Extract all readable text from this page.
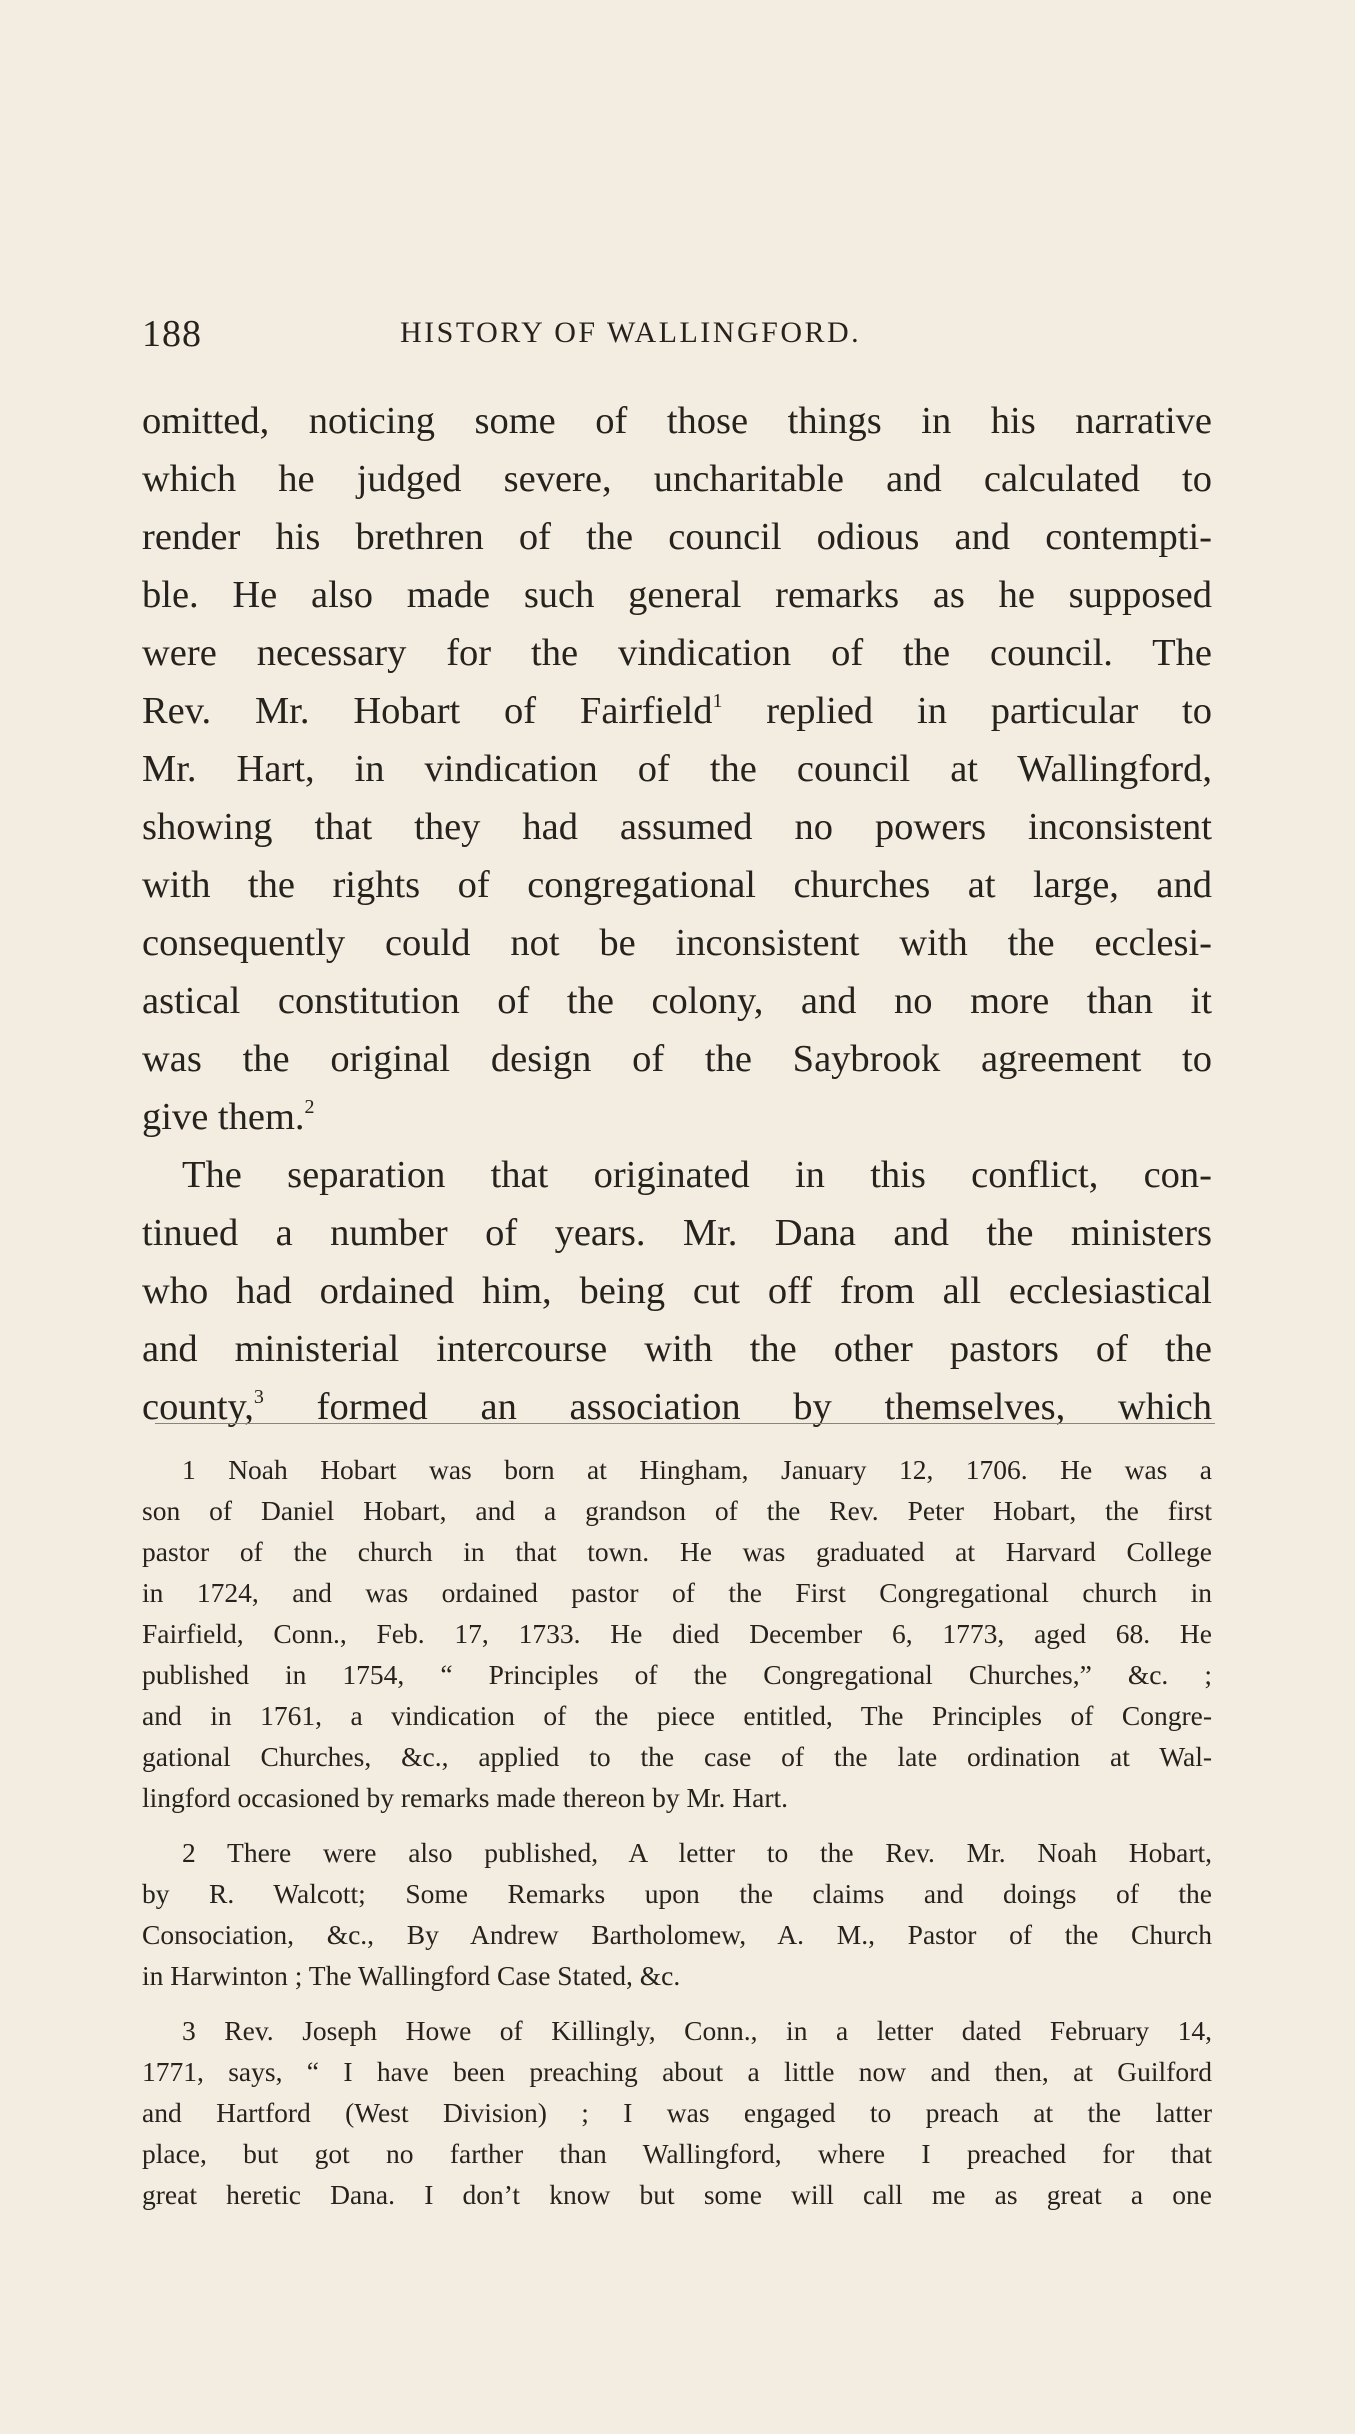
188	HISTORY OF WALLINGFORD.
omitted, noticing some of those things in his narrative
which he judged severe, uncharitable and calculated to
render his brethren of the council odious and contempti-
ble. He also made such general remarks as he supposed
were necessary for the vindication of the council. The
Rev. Mr. Hobart of Fairfield$^1$ replied in particular to
Mr. Hart, in vindication of the council at Wallingford,
showing that they had assumed no powers inconsistent
with the rights of congregational churches at large, and
consequently could not be inconsistent with the ecclesi-
astical constitution of the colony, and no more than it
was the original design of the Saybrook agreement to
give them.$^2$
The separation that originated in this conflict, con-
tinued a number of years. Mr. Dana and the ministers
who had ordained him, being cut off from all ecclesiastical
and ministerial intercourse with the other pastors of the
county,$^3$ formed an association by themselves, which
1 Noah Hobart was born at Hingham, January 12, 1706. He was a
son of Daniel Hobart, and a grandson of the Rev. Peter Hobart, the first
pastor of the church in that town. He was graduated at Harvard College
in 1724, and was ordained pastor of the First Congregational church in
Fairfield, Conn., Feb. 17, 1733. He died December 6, 1773, aged 68. He
published in 1754, “ Principles of the Congregational Churches,” &c. ;
and in 1761, a vindication of the piece entitled, The Principles of Congre-
gational Churches, &c., applied to the case of the late ordination at Wal-
lingford occasioned by remarks made thereon by Mr. Hart.
2 There were also published, A letter to the Rev. Mr. Noah Hobart,
by R. Walcott; Some Remarks upon the claims and doings of the
Consociation, &c., By Andrew Bartholomew, A. M., Pastor of the Church
in Harwinton ; The Wallingford Case Stated, &c.
3 Rev. Joseph Howe of Killingly, Conn., in a letter dated February 14,
1771, says, “ I have been preaching about a little now and then, at Guilford
and Hartford (West Division) ; I was engaged to preach at the latter
place, but got no farther than Wallingford, where I preached for that
great heretic Dana. I don’t know but some will call me as great a one
